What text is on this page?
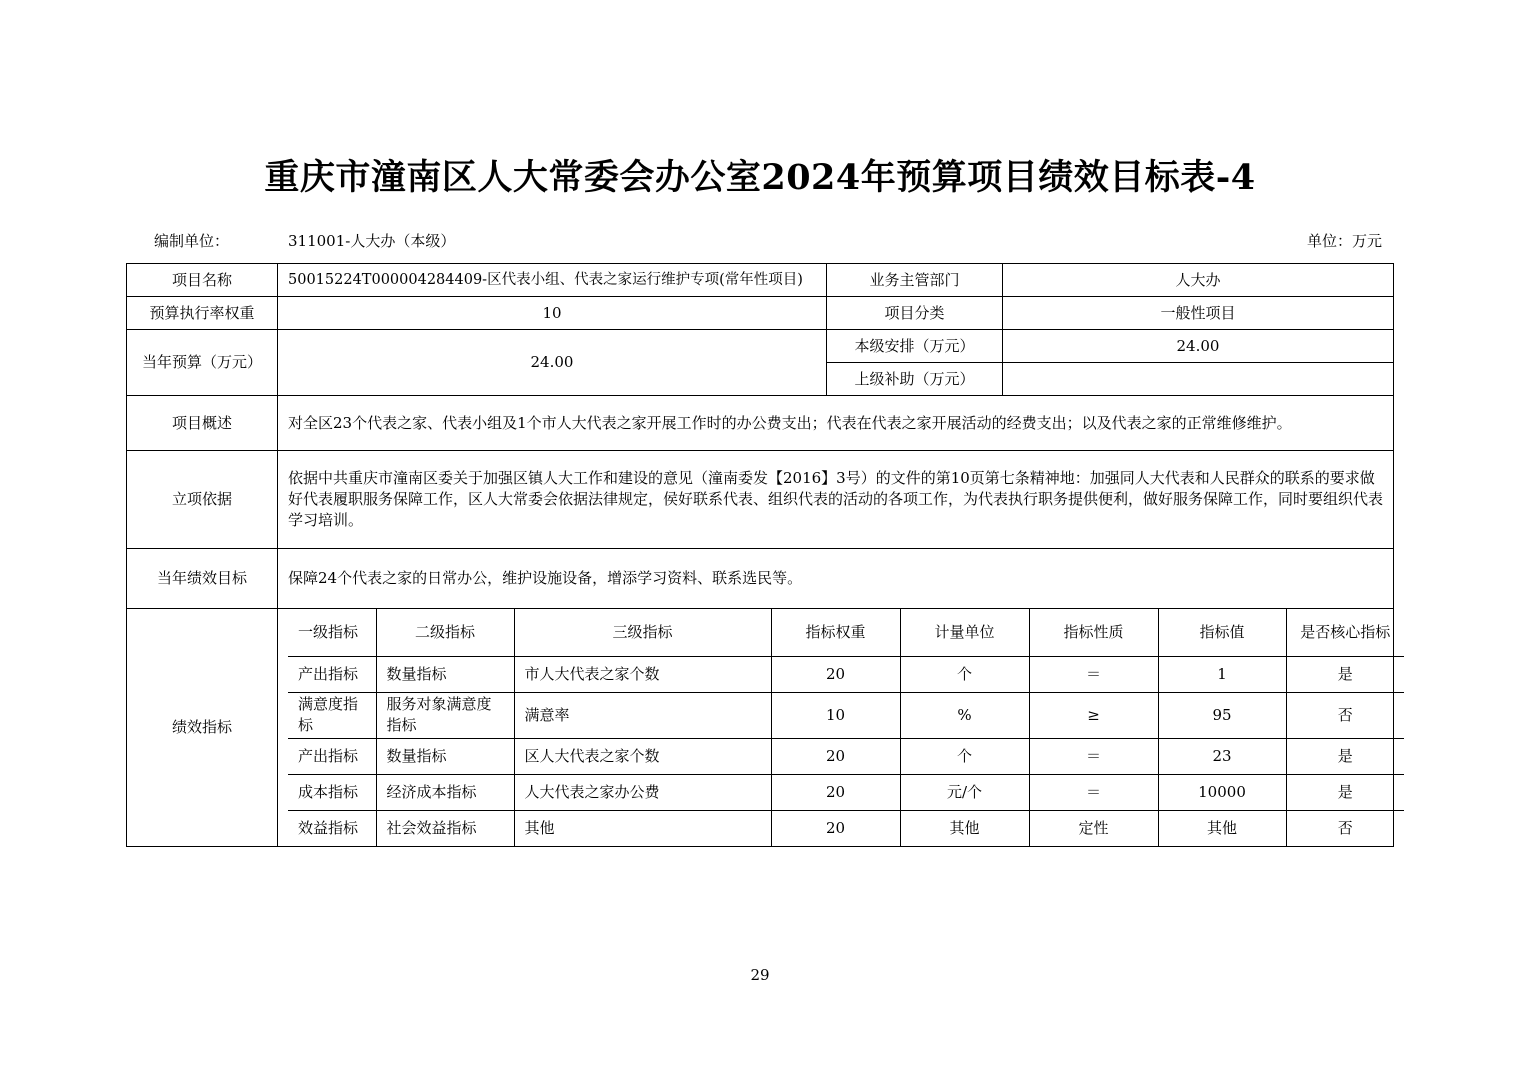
重庆市潼南区人大常委会办公室2024年预算项目绩效目标表-4
编制单位：	311001-人大办（本级）	单位：万元
项目名称	50015224T000004284409-区代表小组、代表之家运行维护专项(常年性项目)	业务主管部门	人大办
预算执行率权重	10	项目分类	一般性项目
当年预算（万元）	24.00	本级安排（万元）	24.00
上级补助（万元）	
项目概述	对全区23个代表之家、代表小组及1个市人大代表之家开展工作时的办公费支出；代表在代表之家开展活动的经费支出；以及代表之家的正常维修维护。
立项依据	依据中共重庆市潼南区委关于加强区镇人大工作和建设的意见（潼南委发【2016】3号）的文件的第10页第七条精神地：加强同人大代表和人民群众的联系的要求做好代表履职服务保障工作，区人大常委会依据法律规定，侯好联系代表、组织代表的活动的各项工作，为代表执行职务提供便利，做好服务保障工作，同时要组织代表学习培训。
当年绩效目标	保障24个代表之家的日常办公，维护设施设备，增添学习资料、联系选民等。
绩效指标	
一级指标	二级指标	三级指标	指标权重	计量单位	指标性质	指标值	是否核心指标
产出指标	数量指标	市人大代表之家个数	20	个	＝	1	是
满意度指标	服务对象满意度指标	满意率	10	%	≥	95	否
产出指标	数量指标	区人大代表之家个数	20	个	＝	23	是
成本指标	经济成本指标	人大代表之家办公费	20	元/个	＝	10000	是
效益指标	社会效益指标	其他	20	其他	定性	其他	否
29
